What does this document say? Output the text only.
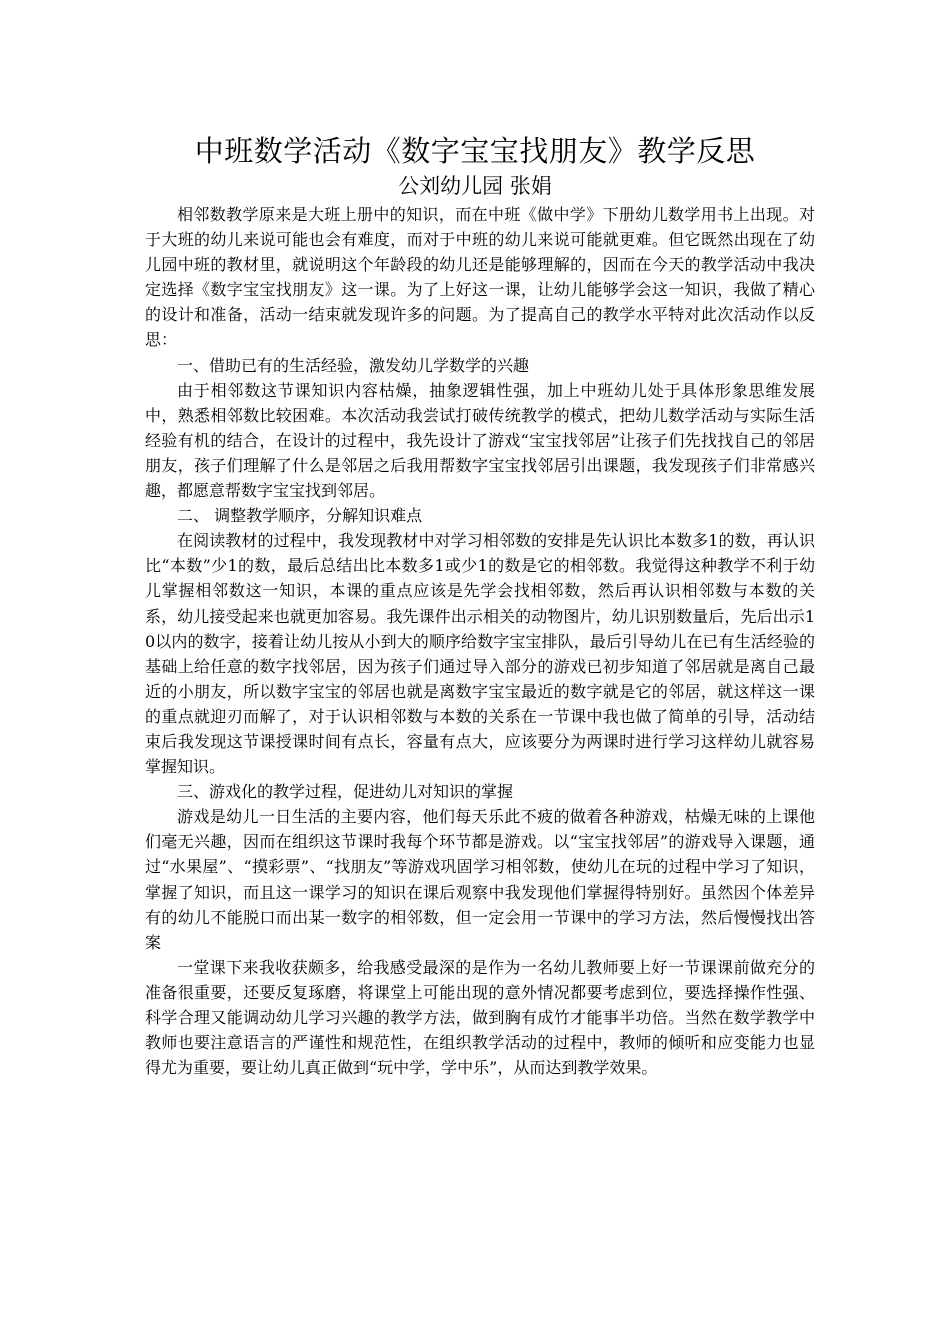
中班数学活动《数字宝宝找朋友》教学反思
公刘幼儿园 张娟

相邻数教学原来是大班上册中的知识，而在中班《做中学》下册幼儿数学用书上出现。对于大班的幼儿来说可能也会有难度，而对于中班的幼儿来说可能就更难。但它既然出现在了幼儿园中班的教材里，就说明这个年龄段的幼儿还是能够理解的，因而在今天的教学活动中我决定选择《数字宝宝找朋友》这一课。为了上好这一课，让幼儿能够学会这一知识，我做了精心的设计和准备，活动一结束就发现许多的问题。为了提高自己的教学水平特对此次活动作以反思：

一、借助已有的生活经验，激发幼儿学数学的兴趣

由于相邻数这节课知识内容枯燥，抽象逻辑性强，加上中班幼儿处于具体形象思维发展中，熟悉相邻数比较困难。本次活动我尝试打破传统教学的模式，把幼儿数学活动与实际生活经验有机的结合，在设计的过程中，我先设计了游戏“宝宝找邻居”让孩子们先找找自己的邻居朋友，孩子们理解了什么是邻居之后我用帮数字宝宝找邻居引出课题，我发现孩子们非常感兴趣，都愿意帮数字宝宝找到邻居。

二、 调整教学顺序，分解知识难点

在阅读教材的过程中，我发现教材中对学习相邻数的安排是先认识比本数多1的数，再认识比“本数”少1的数，最后总结出比本数多1或少1的数是它的相邻数。我觉得这种教学不利于幼儿掌握相邻数这一知识，本课的重点应该是先学会找相邻数，然后再认识相邻数与本数的关系，幼儿接受起来也就更加容易。我先课件出示相关的动物图片，幼儿识别数量后，先后出示10以内的数字，接着让幼儿按从小到大的顺序给数字宝宝排队，最后引导幼儿在已有生活经验的基础上给任意的数字找邻居，因为孩子们通过导入部分的游戏已初步知道了邻居就是离自己最近的小朋友，所以数字宝宝的邻居也就是离数字宝宝最近的数字就是它的邻居，就这样这一课的重点就迎刃而解了，对于认识相邻数与本数的关系在一节课中我也做了简单的引导，活动结束后我发现这节课授课时间有点长，容量有点大，应该要分为两课时进行学习这样幼儿就容易掌握知识。

三、游戏化的教学过程，促进幼儿对知识的掌握

游戏是幼儿一日生活的主要内容，他们每天乐此不疲的做着各种游戏，枯燥无味的上课他们毫无兴趣，因而在组织这节课时我每个环节都是游戏。以“宝宝找邻居”的游戏导入课题，通过“水果屋”、“摸彩票”、“找朋友”等游戏巩固学习相邻数，使幼儿在玩的过程中学习了知识，掌握了知识，而且这一课学习的知识在课后观察中我发现他们掌握得特别好。虽然因个体差异有的幼儿不能脱口而出某一数字的相邻数，但一定会用一节课中的学习方法，然后慢慢找出答案

一堂课下来我收获颇多，给我感受最深的是作为一名幼儿教师要上好一节课课前做充分的准备很重要，还要反复琢磨，将课堂上可能出现的意外情况都要考虑到位，要选择操作性强、科学合理又能调动幼儿学习兴趣的教学方法，做到胸有成竹才能事半功倍。当然在数学教学中教师也要注意语言的严谨性和规范性，在组织教学活动的过程中，教师的倾听和应变能力也显得尤为重要，要让幼儿真正做到“玩中学，学中乐”，从而达到教学效果。
